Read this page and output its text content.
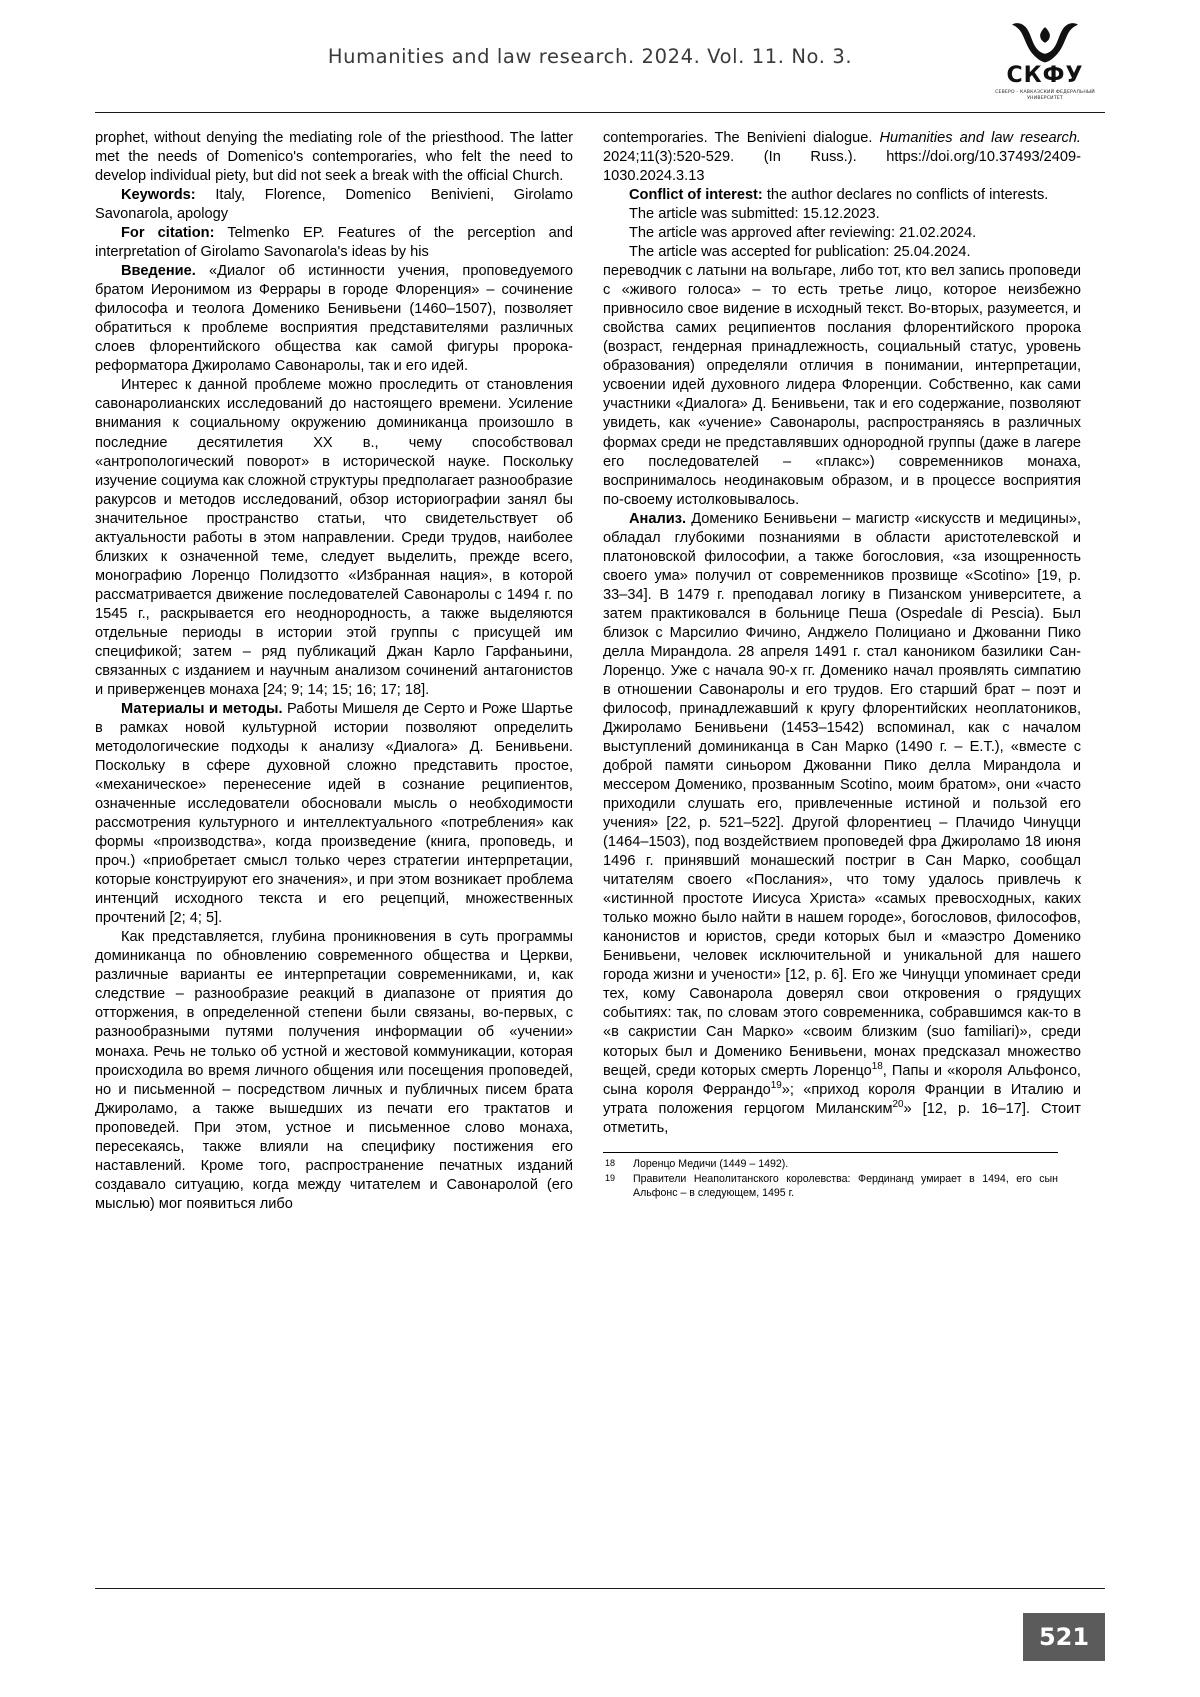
Humanities and law research. 2024. Vol. 11. No. 3.
СКФУ
СЕВЕРО - КАВКАЗСКИЙ ФЕДЕРАЛЬНЫЙ УНИВЕРСИТЕТ

prophet, without denying the mediating role of the priesthood. The latter met the needs of Domenico's contemporaries, who felt the need to develop individual piety, but did not seek a break with the official Church.

Keywords: Italy, Florence, Domenico Benivieni, Girolamo Savonarola, apology

For citation: Telmenko EP. Features of the perception and interpretation of Girolamo Savonarola's ideas by his

Введение. «Диалог об истинности учения, проповедуемого братом Иеронимом из Феррары в городе Флоренция» – сочинение философа и теолога Доменико Бенивьени (1460–1507), позволяет обратиться к проблеме восприятия представителями различных слоев флорентийского общества как самой фигуры пророка-реформатора Джироламо Савонаролы, так и его идей.

Интерес к данной проблеме можно проследить от становления савонаролианских исследований до настоящего времени. Усиление внимания к социальному окружению доминиканца произошло в последние десятилетия XX в., чему способствовал «антропологический поворот» в исторической науке. Поскольку изучение социума как сложной структуры предполагает разнообразие ракурсов и методов исследований, обзор историографии занял бы значительное пространство статьи, что свидетельствует об актуальности работы в этом направлении. Среди трудов, наиболее близких к означенной теме, следует выделить, прежде всего, монографию Лоренцо Полидзотто «Избранная нация», в которой рассматривается движение последователей Савонаролы с 1494 г. по 1545 г., раскрывается его неоднородность, а также выделяются отдельные периоды в истории этой группы с присущей им спецификой; затем – ряд публикаций Джан Карло Гарфаньини, связанных с изданием и научным анализом сочинений антагонистов и приверженцев монаха [24; 9; 14; 15; 16; 17; 18].

Материалы и методы. Работы Мишеля де Серто и Роже Шартье в рамках новой культурной истории позволяют определить методологические подходы к анализу «Диалога» Д. Бенивьени. Поскольку в сфере духовной сложно представить простое, «механическое» перенесение идей в сознание реципиентов, означенные исследователи обосновали мысль о необходимости рассмотрения культурного и интеллектуального «потребления» как формы «производства», когда произведение (книга, проповедь, и проч.) «приобретает смысл только через стратегии интерпретации, которые конструируют его значения», и при этом возникает проблема интенций исходного текста и его рецепций, множественных прочтений [2; 4; 5].

Как представляется, глубина проникновения в суть программы доминиканца по обновлению современного общества и Церкви, различные варианты ее интерпретации современниками, и, как следствие – разнообразие реакций в диапазоне от приятия до отторжения, в определенной степени были связаны, во-первых, с разнообразными путями получения информации об «учении» монаха. Речь не только об устной и жестовой коммуникации, которая происходила во время личного общения или посещения проповедей, но и письменной – посредством личных и публичных писем брата Джироламо, а также вышедших из печати его трактатов и проповедей. При этом, устное и письменное слово монаха, пересекаясь, также влияли на специфику постижения его наставлений. Кроме того, распространение печатных изданий создавало ситуацию, когда между читателем и Савонаролой (его мыслью) мог появиться либо

contemporaries. The Benivieni dialogue. Humanities and law research. 2024;11(3):520-529. (In Russ.). https://doi.org/10.37493/2409-1030.2024.3.13

Conflict of interest: the author declares no conflicts of interests.

The article was submitted: 15.12.2023.

The article was approved after reviewing: 21.02.2024.

The article was accepted for publication: 25.04.2024.

переводчик с латыни на вольгаре, либо тот, кто вел запись проповеди с «живого голоса» – то есть третье лицо, которое неизбежно привносило свое видение в исходный текст. Во-вторых, разумеется, и свойства самих реципиентов послания флорентийского пророка (возраст, гендерная принадлежность, социальный статус, уровень образования) определяли отличия в понимании, интерпретации, усвоении идей духовного лидера Флоренции. Собственно, как сами участники «Диалога» Д. Бенивьени, так и его содержание, позволяют увидеть, как «учение» Савонаролы, распространяясь в различных формах среди не представлявших однородной группы (даже в лагере его последователей – «плакс») современников монаха, воспринималось неодинаковым образом, и в процессе восприятия по-своему истолковывалось.

Анализ. Доменико Бенивьени – магистр «искусств и медицины», обладал глубокими познаниями в области аристотелевской и платоновской философии, а также богословия, «за изощренность своего ума» получил от современников прозвище «Scotino» [19, p. 33–34]. В 1479 г. преподавал логику в Пизанском университете, а затем практиковался в больнице Пеша (Ospedale di Pescia). Был близок с Марсилио Фичино, Анджело Полициано и Джованни Пико делла Мирандола. 28 апреля 1491 г. стал каноником базилики Сан-Лоренцо. Уже с начала 90-х гг. Доменико начал проявлять симпатию в отношении Савонаролы и его трудов. Его старший брат – поэт и философ, принадлежавший к кругу флорентийских неоплатоников, Джироламо Бенивьени (1453–1542) вспоминал, как с началом выступлений доминиканца в Сан Марко (1490 г. – Е.Т.), «вместе с доброй памяти синьором Джованни Пико делла Мирандола и мессером Доменико, прозванным Scotino, моим братом», они «часто приходили слушать его, привлеченные истиной и пользой его учения» [22, p. 521–522]. Другой флорентиец – Плачидо Чинуцци (1464–1503), под воздействием проповедей фра Джироламо 18 июня 1496 г. принявший монашеский постриг в Сан Марко, сообщал читателям своего «Послания», что тому удалось привлечь к «истинной простоте Иисуса Христа» «самых превосходных, каких только можно было найти в нашем городе», богословов, философов, канонистов и юристов, среди которых был и «маэстро Доменико Бенивьени, человек исключительной и уникальной для нашего города жизни и учености» [12, p. 6]. Его же Чинуцци упоминает среди тех, кому Савонарола доверял свои откровения о грядущих событиях: так, по словам этого современника, собравшимся как-то в «в сакристии Сан Марко» «своим близким (suo familiari)», среди которых был и Доменико Бенивьени, монах предсказал множество вещей, среди которых смерть Лоренцо$^{18}$, Папы и «короля Альфонсо, сына короля Феррандо$^{19}$»; «приход короля Франции в Италию и утрата положения герцогом Миланским$^{20}$» [12, p. 16–17]. Стоит отметить,

18	Лоренцо Медичи (1449 – 1492).
19	Правители Неаполитанского королевства: Фердинанд умирает в 1494, его сын Альфонс – в следующем, 1495 г.
521
